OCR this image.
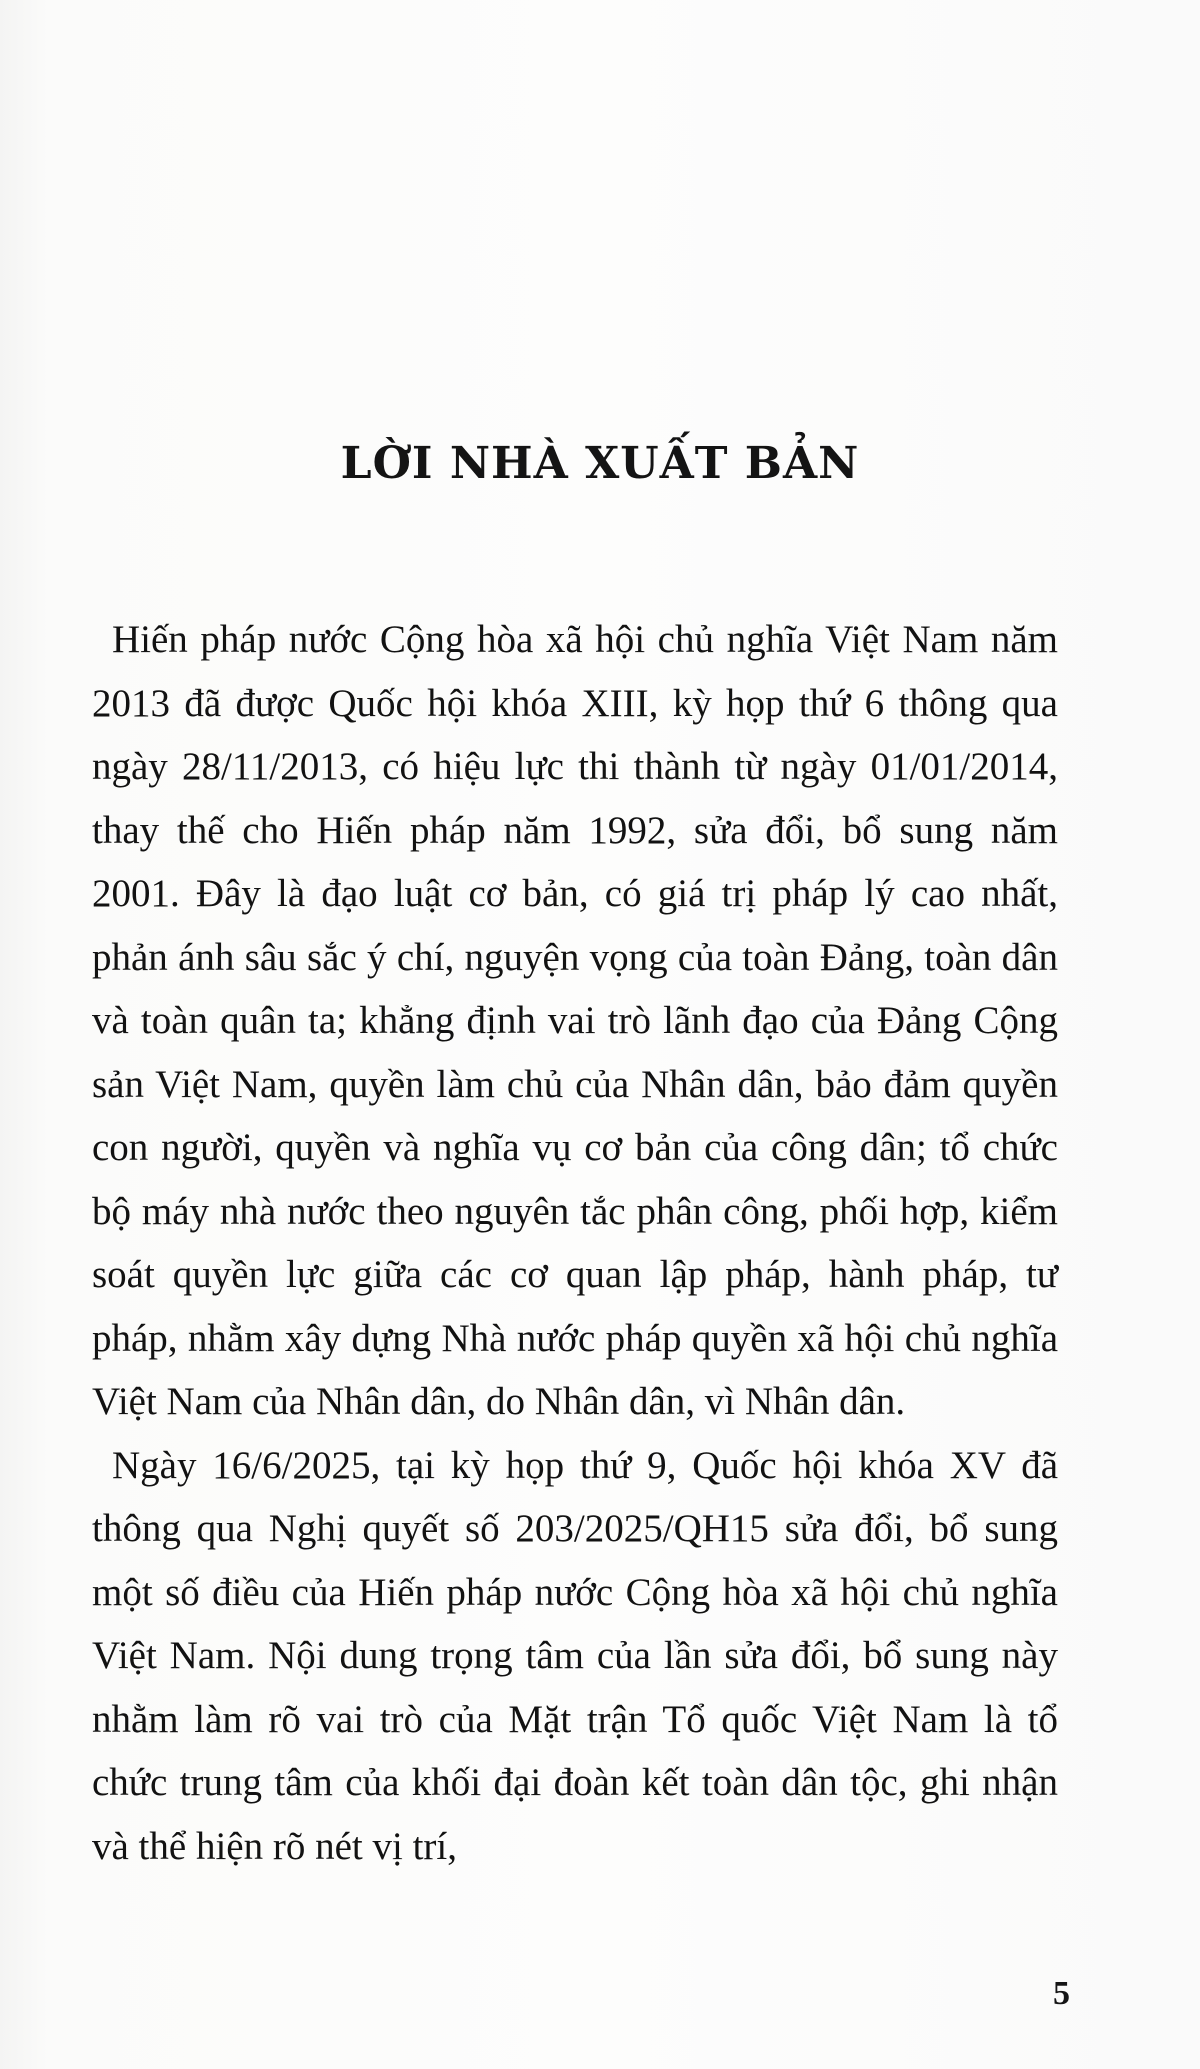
LỜI NHÀ XUẤT BẢN

Hiến pháp nước Cộng hòa xã hội chủ nghĩa Việt Nam năm 2013 đã được Quốc hội khóa XIII, kỳ họp thứ 6 thông qua ngày 28/11/2013, có hiệu lực thi thành từ ngày 01/01/2014, thay thế cho Hiến pháp năm 1992, sửa đổi, bổ sung năm 2001. Đây là đạo luật cơ bản, có giá trị pháp lý cao nhất, phản ánh sâu sắc ý chí, nguyện vọng của toàn Đảng, toàn dân và toàn quân ta; khẳng định vai trò lãnh đạo của Đảng Cộng sản Việt Nam, quyền làm chủ của Nhân dân, bảo đảm quyền con người, quyền và nghĩa vụ cơ bản của công dân; tổ chức bộ máy nhà nước theo nguyên tắc phân công, phối hợp, kiểm soát quyền lực giữa các cơ quan lập pháp, hành pháp, tư pháp, nhằm xây dựng Nhà nước pháp quyền xã hội chủ nghĩa Việt Nam của Nhân dân, do Nhân dân, vì Nhân dân.

Ngày 16/6/2025, tại kỳ họp thứ 9, Quốc hội khóa XV đã thông qua Nghị quyết số 203/2025/QH15 sửa đổi, bổ sung một số điều của Hiến pháp nước Cộng hòa xã hội chủ nghĩa Việt Nam. Nội dung trọng tâm của lần sửa đổi, bổ sung này nhằm làm rõ vai trò của Mặt trận Tổ quốc Việt Nam là tổ chức trung tâm của khối đại đoàn kết toàn dân tộc, ghi nhận và thể hiện rõ nét vị trí,

5
